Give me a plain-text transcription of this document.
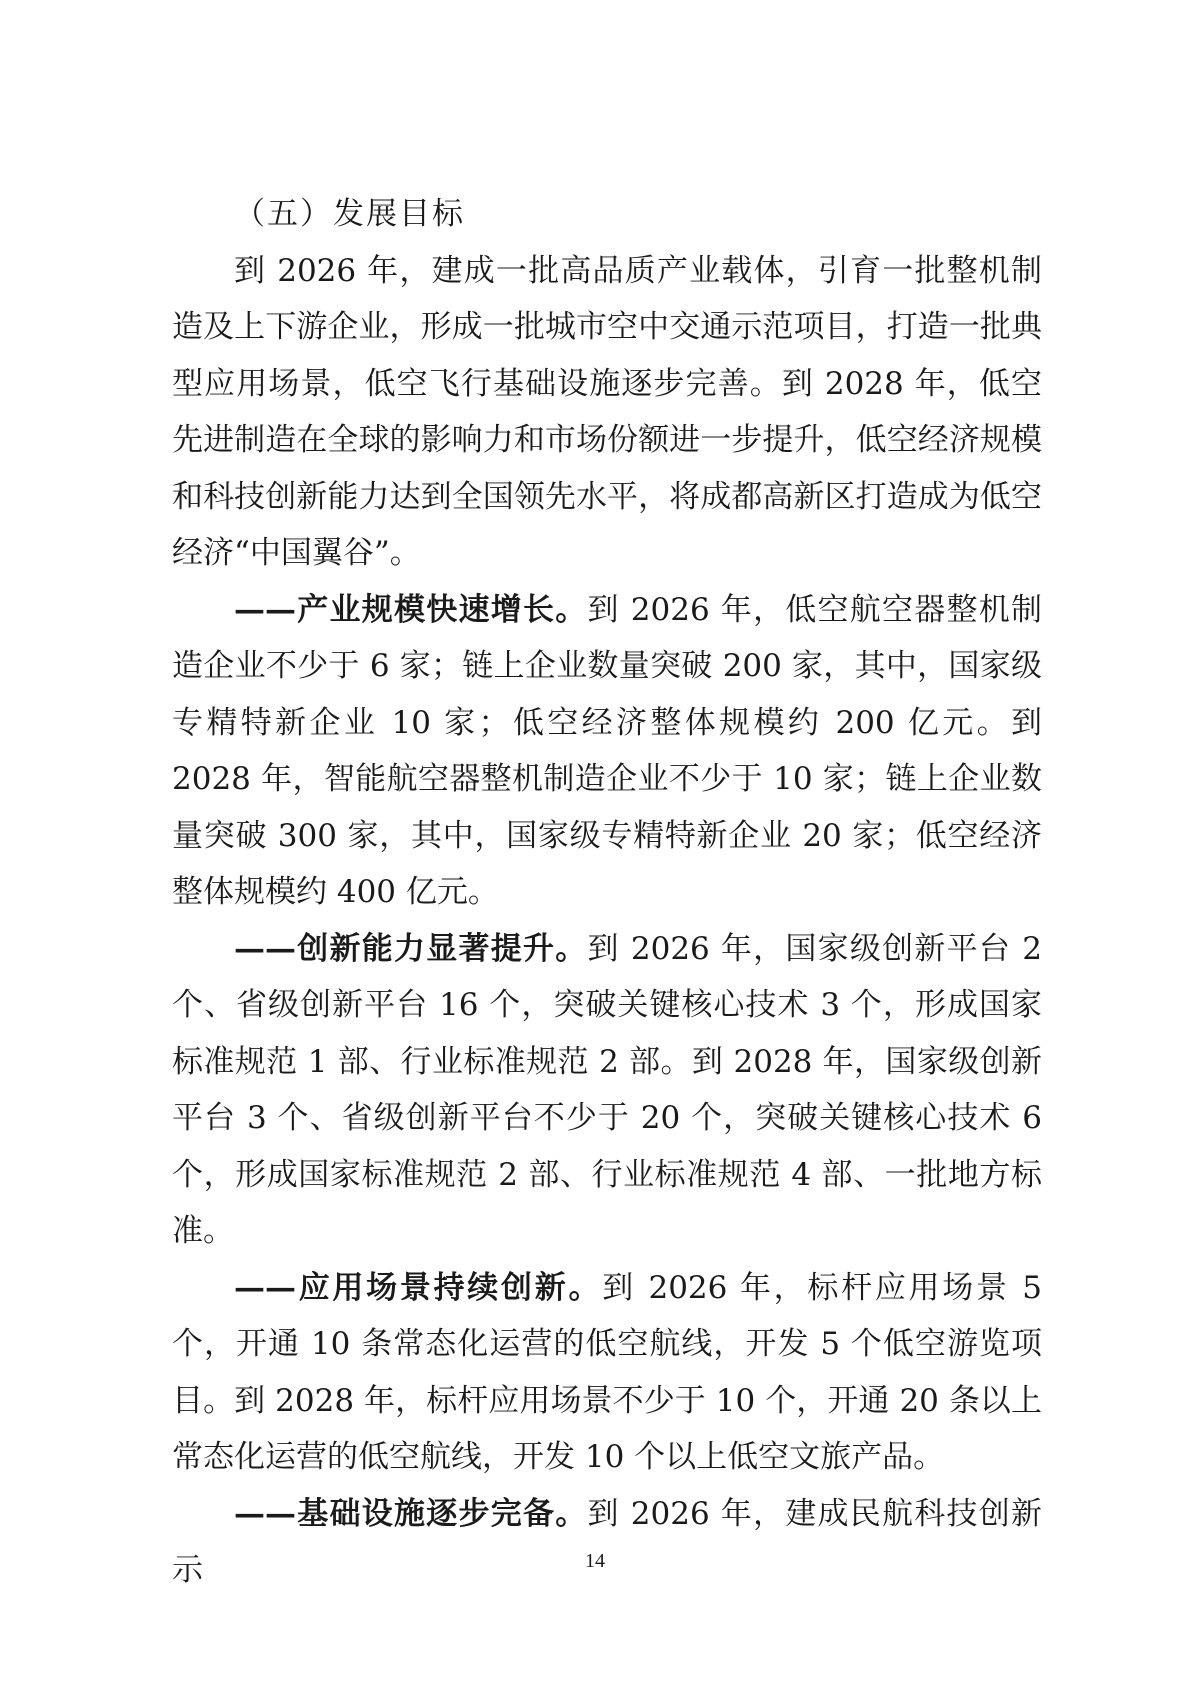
（五）发展目标

到 2026 年，建成一批高品质产业载体，引育一批整机制造及上下游企业，形成一批城市空中交通示范项目，打造一批典型应用场景，低空飞行基础设施逐步完善。到 2028 年，低空先进制造在全球的影响力和市场份额进一步提升，低空经济规模和科技创新能力达到全国领先水平，将成都高新区打造成为低空经济“中国翼谷”。

——产业规模快速增长。到 2026 年，低空航空器整机制造企业不少于 6 家；链上企业数量突破 200 家，其中，国家级专精特新企业 10 家；低空经济整体规模约 200 亿元。到 2028 年，智能航空器整机制造企业不少于 10 家；链上企业数量突破 300 家，其中，国家级专精特新企业 20 家；低空经济整体规模约 400 亿元。

——创新能力显著提升。到 2026 年，国家级创新平台 2 个、省级创新平台 16 个，突破关键核心技术 3 个，形成国家标准规范 1 部、行业标准规范 2 部。到 2028 年，国家级创新平台 3 个、省级创新平台不少于 20 个，突破关键核心技术 6 个，形成国家标准规范 2 部、行业标准规范 4 部、一批地方标准。

——应用场景持续创新。到 2026 年，标杆应用场景 5 个，开通 10 条常态化运营的低空航线，开发 5 个低空游览项目。到 2028 年，标杆应用场景不少于 10 个，开通 20 条以上常态化运营的低空航线，开发 10 个以上低空文旅产品。

——基础设施逐步完备。到 2026 年，建成民航科技创新示	14
